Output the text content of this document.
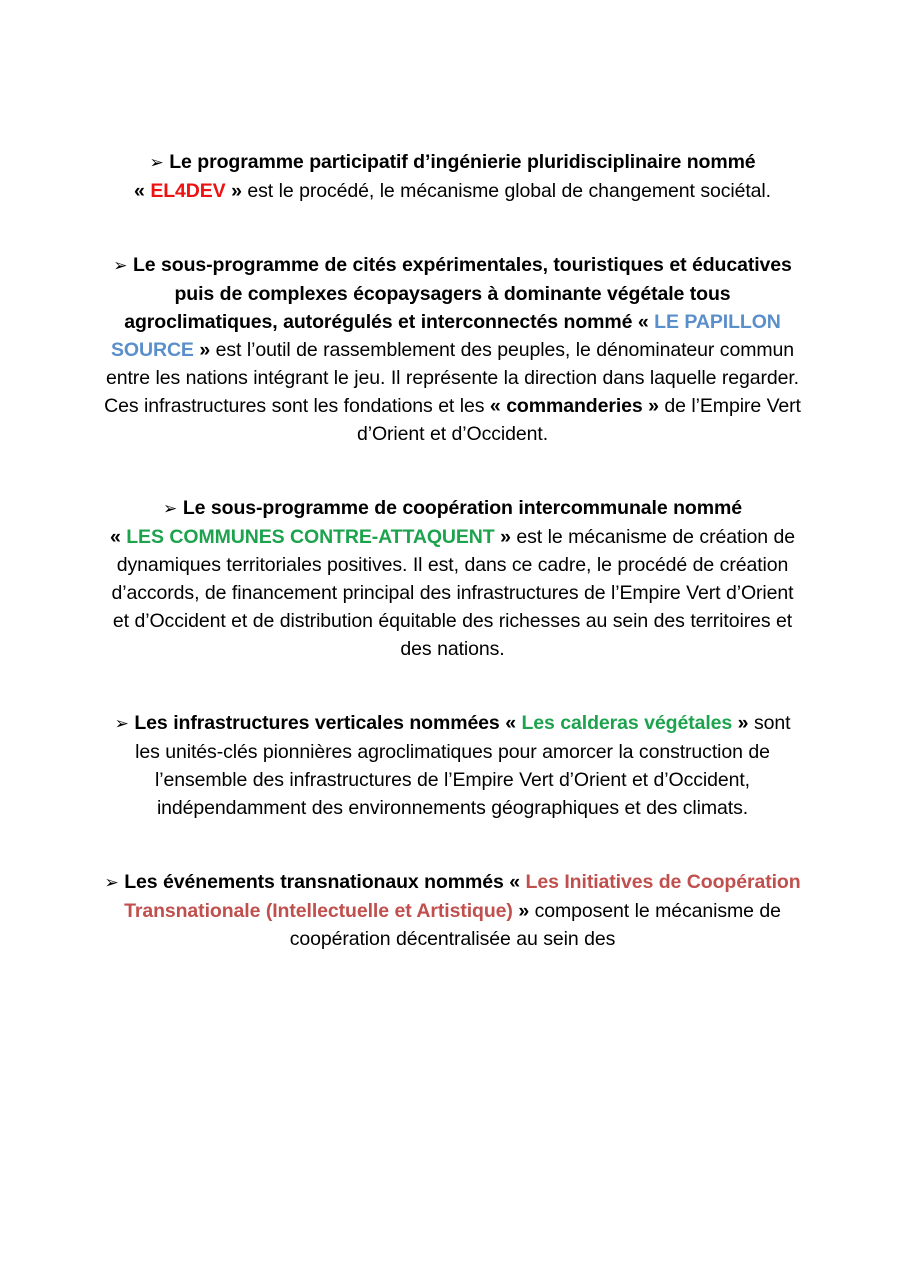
➢ Le programme participatif d’ingénierie pluridisciplinaire nommé
« EL4DEV » est le procédé, le mécanisme global de changement sociétal.

➢ Le sous-programme de cités expérimentales, touristiques et éducatives puis de complexes écopaysagers à dominante végétale tous agroclimatiques, autorégulés et interconnectés nommé « LE PAPILLON SOURCE » est l’outil de rassemblement des peuples, le dénominateur commun entre les nations intégrant le jeu. Il représente la direction dans laquelle regarder. Ces infrastructures sont les fondations et les « commanderies » de l’Empire Vert d’Orient et d’Occident.

➢ Le sous-programme de coopération intercommunale nommé
« LES COMMUNES CONTRE-ATTAQUENT » est le mécanisme de création de dynamiques territoriales positives. Il est, dans ce cadre, le procédé de création d’accords, de financement principal des infrastructures de l’Empire Vert d’Orient et d’Occident et de distribution équitable des richesses au sein des territoires et des nations.

➢ Les infrastructures verticales nommées « Les calderas végétales » sont les unités-clés pionnières agroclimatiques pour amorcer la construction de l’ensemble des infrastructures de l’Empire Vert d’Orient et d’Occident, indépendamment des environnements géographiques et des climats.

➢ Les événements transnationaux nommés « Les Initiatives de Coopération Transnationale (Intellectuelle et Artistique) » composent le mécanisme de coopération décentralisée au sein des
